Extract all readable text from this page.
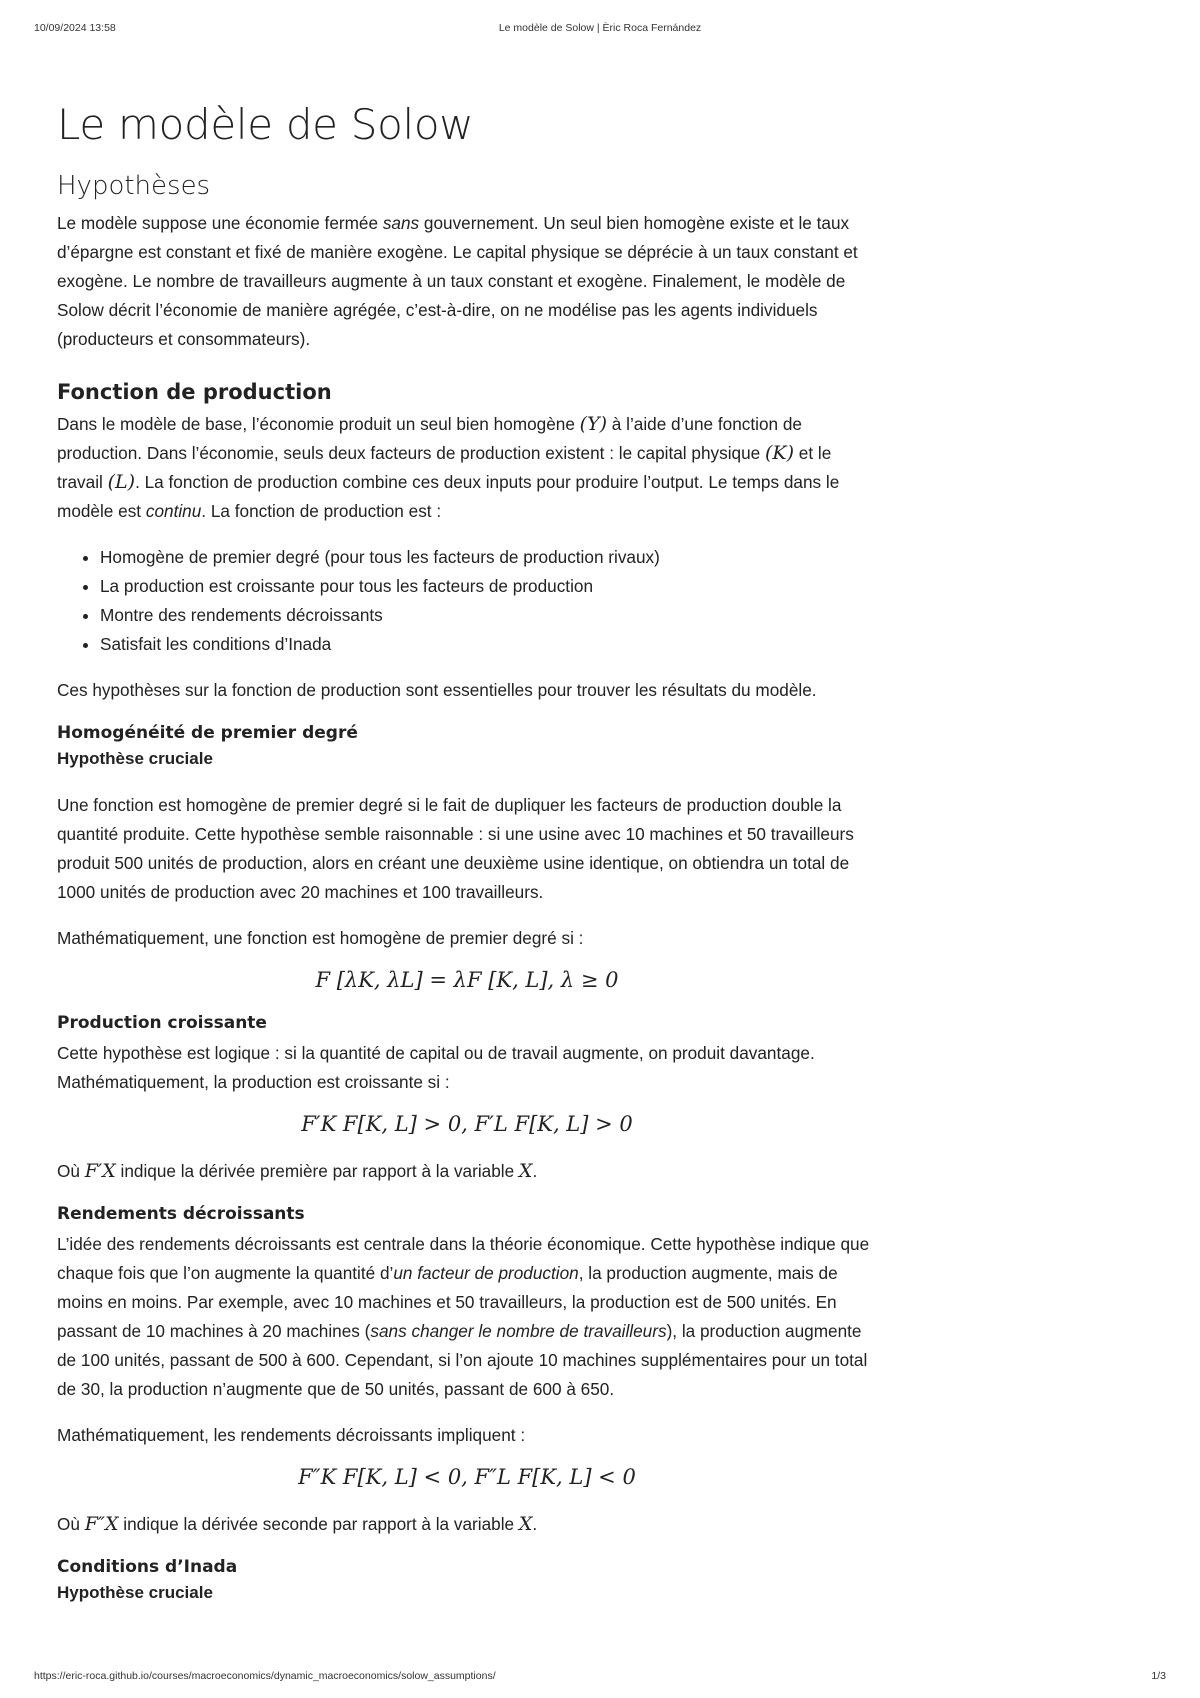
10/09/2024 13:58	Le modèle de Solow | Èric Roca Fernández
Le modèle de Solow
Hypothèses

Le modèle suppose une économie fermée sans gouvernement. Un seul bien homogène existe et le taux d’épargne est constant et fixé de manière exogène. Le capital physique se déprécie à un taux constant et exogène. Le nombre de travailleurs augmente à un taux constant et exogène. Finalement, le modèle de Solow décrit l’économie de manière agrégée, c’est-à-dire, on ne modélise pas les agents individuels (producteurs et consommateurs).

Fonction de production

Dans le modèle de base, l’économie produit un seul bien homogène (Y) à l’aide d’une fonction de production. Dans l’économie, seuls deux facteurs de production existent : le capital physique (K) et le travail (L). La fonction de production combine ces deux inputs pour produire l’output. Le temps dans le modèle est continu. La fonction de production est :

• Homogène de premier degré (pour tous les facteurs de production rivaux)
• La production est croissante pour tous les facteurs de production
• Montre des rendements décroissants
• Satisfait les conditions d’Inada

Ces hypothèses sur la fonction de production sont essentielles pour trouver les résultats du modèle.

Homogénéité de premier degré
Hypothèse cruciale

Une fonction est homogène de premier degré si le fait de dupliquer les facteurs de production double la quantité produite. Cette hypothèse semble raisonnable : si une usine avec 10 machines et 50 travailleurs produit 500 unités de production, alors en créant une deuxième usine identique, on obtiendra un total de 1000 unités de production avec 20 machines et 100 travailleurs.

Mathématiquement, une fonction est homogène de premier degré si :

F [λK, λL] = λF [K, L], λ ≥ 0
Production croissante

Cette hypothèse est logique : si la quantité de capital ou de travail augmente, on produit davantage. Mathématiquement, la production est croissante si :

F′K F[K, L] > 0, F′L F[K, L] > 0

Où F′X indique la dérivée première par rapport à la variable X.

Rendements décroissants

L’idée des rendements décroissants est centrale dans la théorie économique. Cette hypothèse indique que chaque fois que l’on augmente la quantité d’un facteur de production, la production augmente, mais de moins en moins. Par exemple, avec 10 machines et 50 travailleurs, la production est de 500 unités. En passant de 10 machines à 20 machines (sans changer le nombre de travailleurs), la production augmente de 100 unités, passant de 500 à 600. Cependant, si l’on ajoute 10 machines supplémentaires pour un total de 30, la production n’augmente que de 50 unités, passant de 600 à 650.

Mathématiquement, les rendements décroissants impliquent :

F″K F[K, L] < 0, F″L F[K, L] < 0

Où F″X indique la dérivée seconde par rapport à la variable X.

Conditions d’Inada
Hypothèse cruciale
https://eric-roca.github.io/courses/macroeconomics/dynamic_macroeconomics/solow_assumptions/	1/3
